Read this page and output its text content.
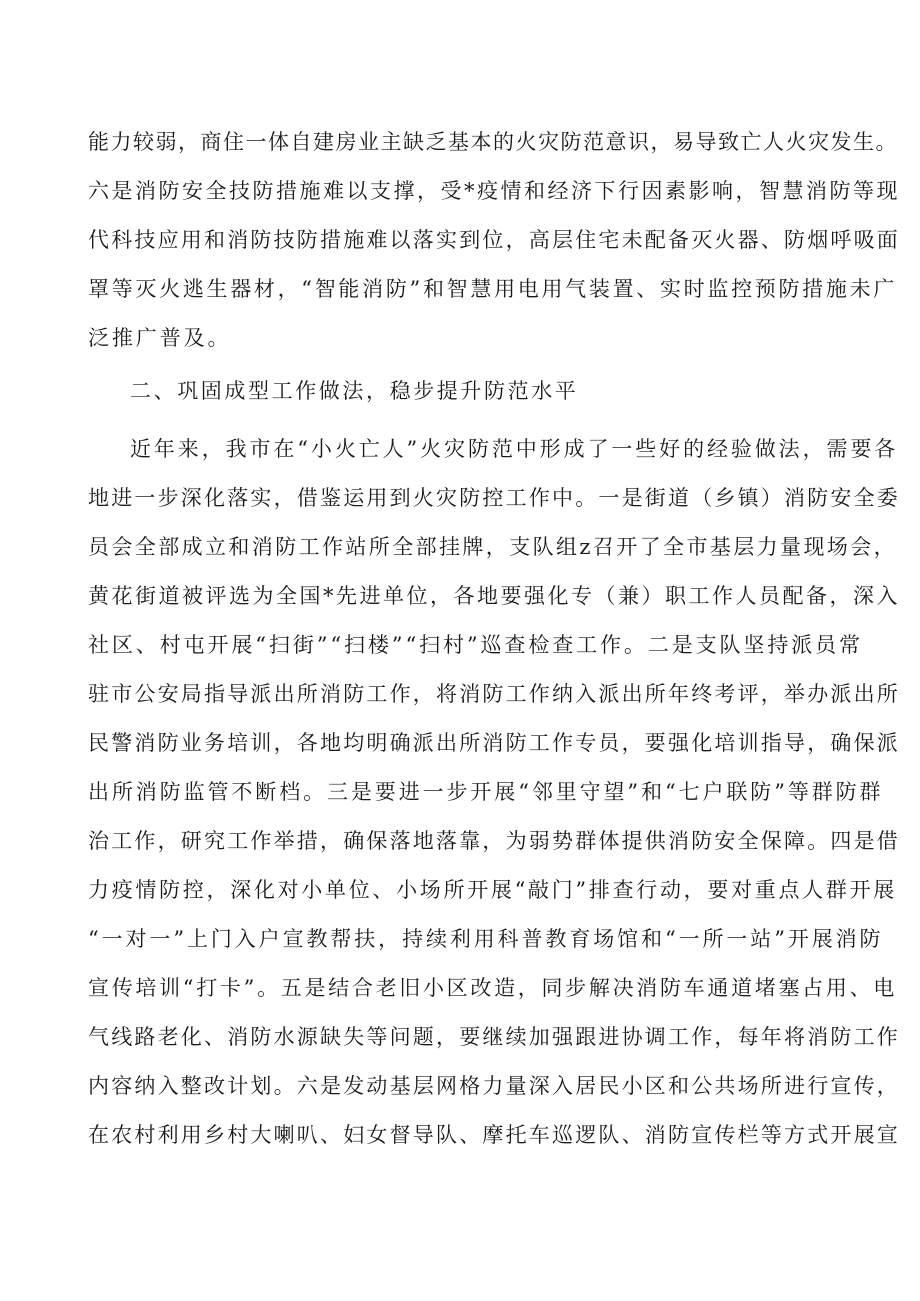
能力较弱，商住一体自建房业主缺乏基本的火灾防范意识，易导致亡人火灾发生。
六是消防安全技防措施难以支撑，受*疫情和经济下行因素影响，智慧消防等现
代科技应用和消防技防措施难以落实到位，高层住宅未配备灭火器、防烟呼吸面
罩等灭火逃生器材，“智能消防”和智慧用电用气装置、实时监控预防措施未广
泛推广普及。
二、巩固成型工作做法，稳步提升防范水平
近年来，我市在“小火亡人”火灾防范中形成了一些好的经验做法，需要各
地进一步深化落实，借鉴运用到火灾防控工作中。一是街道（乡镇）消防安全委
员会全部成立和消防工作站所全部挂牌，支队组z召开了全市基层力量现场会，
黄花街道被评选为全国*先进单位，各地要强化专（兼）职工作人员配备，深入
社区、村屯开展“扫街”“扫楼”“扫村”巡查检查工作。二是支队坚持派员常
驻市公安局指导派出所消防工作，将消防工作纳入派出所年终考评，举办派出所
民警消防业务培训，各地均明确派出所消防工作专员，要强化培训指导，确保派
出所消防监管不断档。三是要进一步开展“邻里守望”和“七户联防”等群防群
治工作，研究工作举措，确保落地落靠，为弱势群体提供消防安全保障。四是借
力疫情防控，深化对小单位、小场所开展“敲门”排查行动，要对重点人群开展
“一对一”上门入户宣教帮扶，持续利用科普教育场馆和“一所一站”开展消防
宣传培训“打卡”。五是结合老旧小区改造，同步解决消防车通道堵塞占用、电
气线路老化、消防水源缺失等问题，要继续加强跟进协调工作，每年将消防工作
内容纳入整改计划。六是发动基层网格力量深入居民小区和公共场所进行宣传，
在农村利用乡村大喇叭、妇女督导队、摩托车巡逻队、消防宣传栏等方式开展宣
